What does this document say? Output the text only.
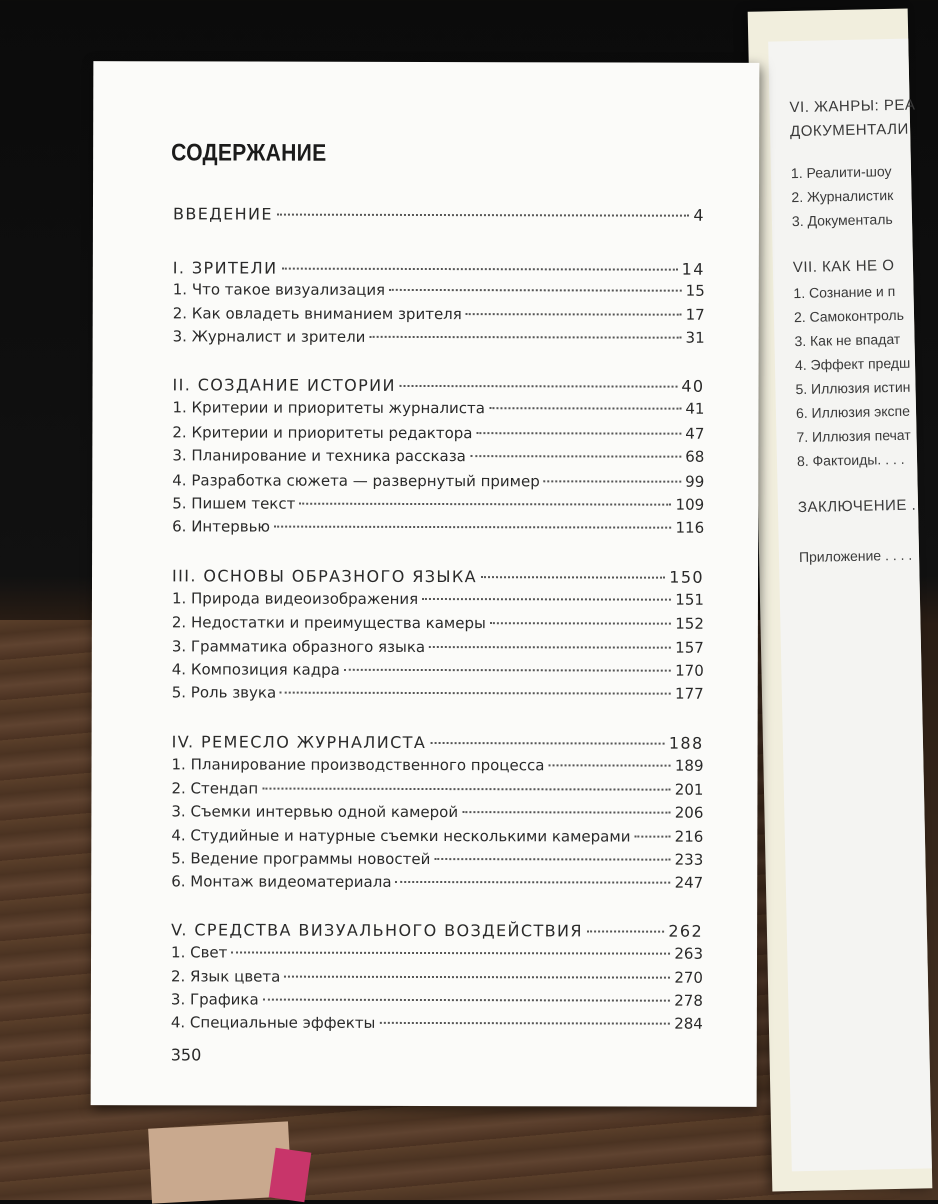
VI. ЖАНРЫ: РЕА
ДОКУМЕНТАЛИ
1. Реалити-шоу
2. Журналистик
3. Документаль
VII. КАК НЕ О
1. Сознание и п
2. Самоконтроль
3. Как не впадат
4. Эффект предш
5. Иллюзия истин
6. Иллюзия экспе
7. Иллюзия печат
8. Фактоиды. . . .
ЗАКЛЮЧЕНИЕ .
Приложение . . . .
СОДЕРЖАНИЕ
ВВЕДЕНИЕ	4
I. ЗРИТЕЛИ	14
1. Что такое визуализация	15
2. Как овладеть вниманием зрителя	17
3. Журналист и зрители	31
II. СОЗДАНИЕ ИСТОРИИ	40
1. Критерии и приоритеты журналиста	41
2. Критерии и приоритеты редактора	47
3. Планирование и техника рассказа	68
4. Разработка сюжета — развернутый пример	99
5. Пишем текст	109
6. Интервью	116
III. ОСНОВЫ ОБРАЗНОГО ЯЗЫКА	150
1. Природа видеоизображения	151
2. Недостатки и преимущества камеры	152
3. Грамматика образного языка	157
4. Композиция кадра	170
5. Роль звука	177
IV. РЕМЕСЛО ЖУРНАЛИСТА	188
1. Планирование производственного процесса	189
2. Стендап	201
3. Съемки интервью одной камерой	206
4. Студийные и натурные съемки несколькими камерами	216
5. Ведение программы новостей	233
6. Монтаж видеоматериала	247
V. СРЕДСТВА ВИЗУАЛЬНОГО ВОЗДЕЙСТВИЯ	262
1. Свет	263
2. Язык цвета	270
3. Графика	278
4. Специальные эффекты	284
350
